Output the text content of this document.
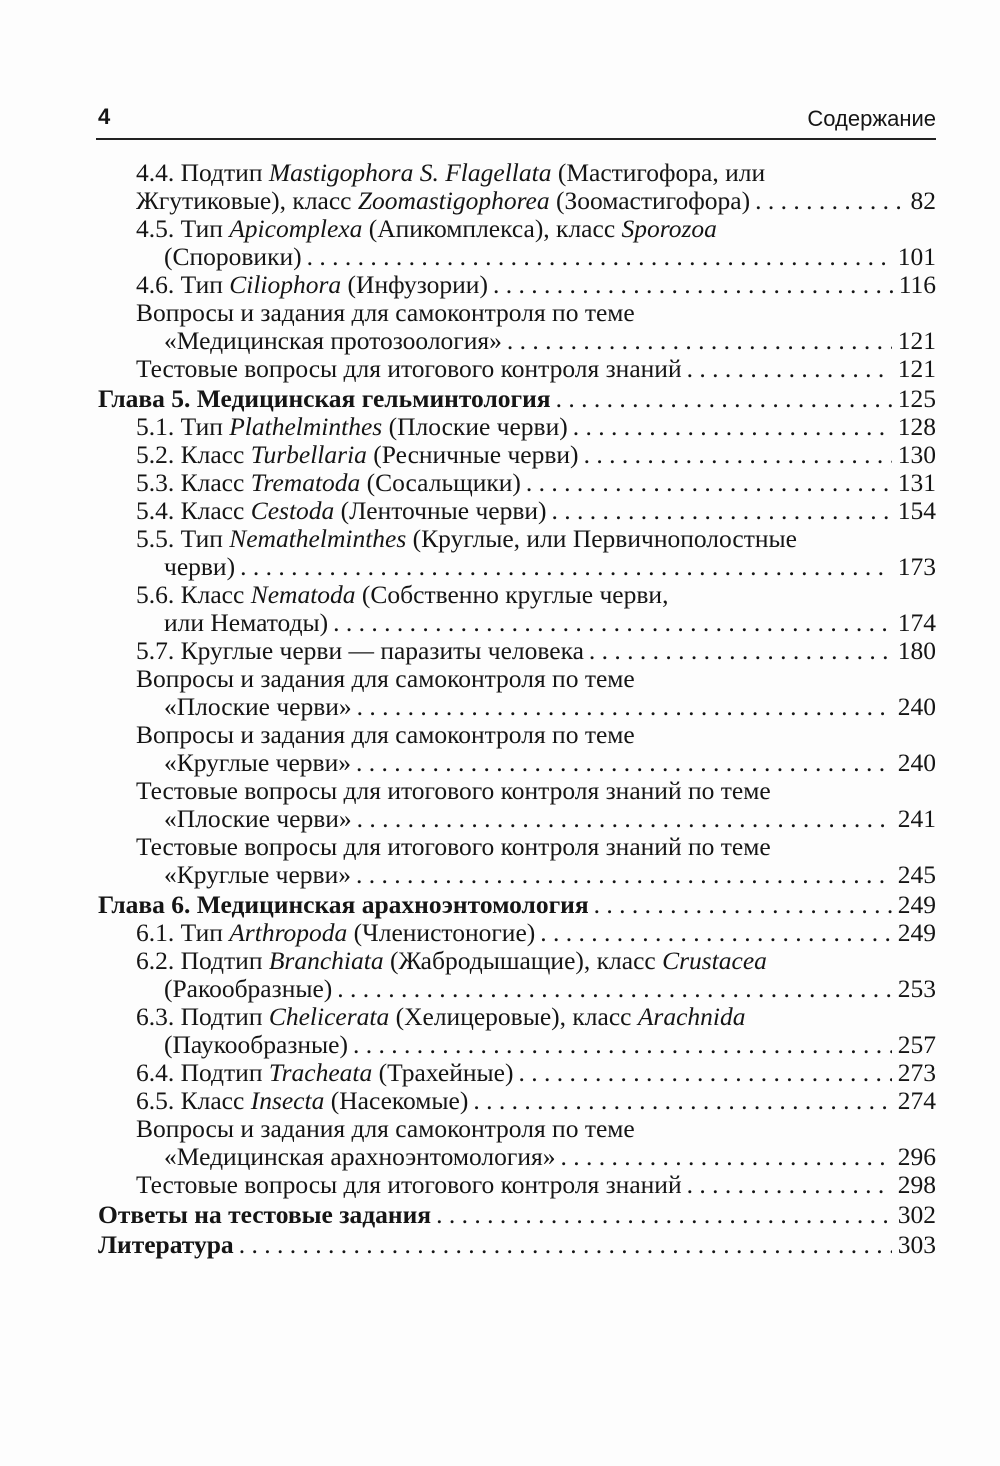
4	Содержание
4.4. Подтип Mastigophora S. Flagellata (Мастигофора, или
Жгутиковые), класс Zoomastigophorea (Зоомастигофора) . . .	82
4.5. Тип Apicomplexa (Апикомплекса), класс Sporozoa
(Споровики) . . .	101
4.6. Тип Ciliophora (Инфузории) . . .	116
Вопросы и задания для самоконтроля по теме
«Медицинская протозоология» . . .	121
Тестовые вопросы для итогового контроля знаний . . .	121
Глава 5. Медицинская гельминтология . . .	125
5.1. Тип Plathelminthes (Плоские черви) . . .	128
5.2. Класс Turbellaria (Ресничные черви) . . .	130
5.3. Класс Trematoda (Сосальщики) . . .	131
5.4. Класс Cestoda (Ленточные черви) . . .	154
5.5. Тип Nemathelminthes (Круглые, или Первичнополостные
черви) . . .	173
5.6. Класс Nematoda (Собственно круглые черви,
или Нематоды) . . .	174
5.7. Круглые черви — паразиты человека . . .	180
Вопросы и задания для самоконтроля по теме
«Плоские черви» . . .	240
Вопросы и задания для самоконтроля по теме
«Круглые черви» . . .	240
Тестовые вопросы для итогового контроля знаний по теме
«Плоские черви» . . .	241
Тестовые вопросы для итогового контроля знаний по теме
«Круглые черви» . . .	245
Глава 6. Медицинская арахноэнтомология . . .	249
6.1. Тип Arthropoda (Членистоногие) . . .	249
6.2. Подтип Branchiata (Жабродышащие), класс Crustacea
(Ракообразные) . . .	253
6.3. Подтип Chelicerata (Хелицеровые), класс Arachnida
(Паукообразные) . . .	257
6.4. Подтип Tracheata (Трахейные) . . .	273
6.5. Класс Insecta (Насекомые) . . .	274
Вопросы и задания для самоконтроля по теме
«Медицинская арахноэнтомология» . . .	296
Тестовые вопросы для итогового контроля знаний . . .	298
Ответы на тестовые задания . . .	302
Литература . . .	303
